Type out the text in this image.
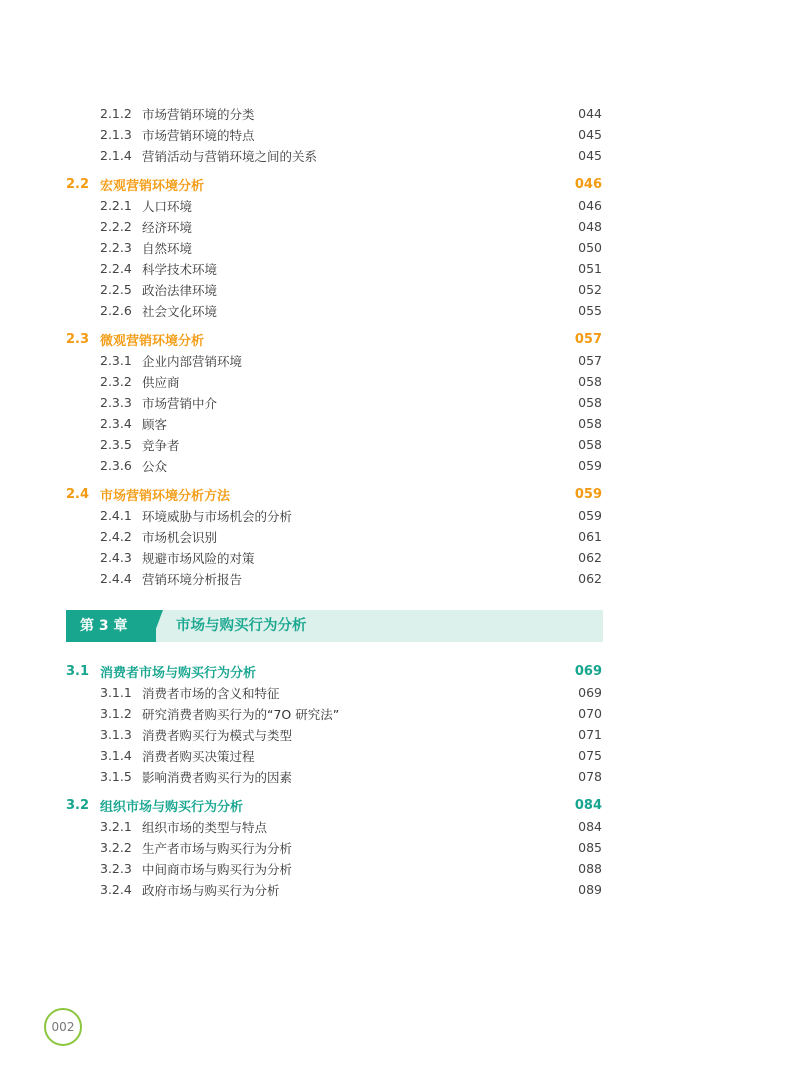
2.1.2 市场营销环境的分类	044
2.1.3 市场营销环境的特点	045
2.1.4 营销活动与营销环境之间的关系	045
2.2 宏观营销环境分析	046
2.2.1 人口环境	046
2.2.2 经济环境	048
2.2.3 自然环境	050
2.2.4 科学技术环境	051
2.2.5 政治法律环境	052
2.2.6 社会文化环境	055
2.3 微观营销环境分析	057
2.3.1 企业内部营销环境	057
2.3.2 供应商	058
2.3.3 市场营销中介	058
2.3.4 顾客	058
2.3.5 竞争者	058
2.3.6 公众	059
2.4 市场营销环境分析方法	059
2.4.1 环境威胁与市场机会的分析	059
2.4.2 市场机会识别	061
2.4.3 规避市场风险的对策	062
2.4.4 营销环境分析报告	062
第 3 章	市场与购买行为分析
3.1 消费者市场与购买行为分析	069
3.1.1 消费者市场的含义和特征	069
3.1.2 研究消费者购买行为的“7O 研究法”	070
3.1.3 消费者购买行为模式与类型	071
3.1.4 消费者购买决策过程	075
3.1.5 影响消费者购买行为的因素	078
3.2 组织市场与购买行为分析	084
3.2.1 组织市场的类型与特点	084
3.2.2 生产者市场与购买行为分析	085
3.2.3 中间商市场与购买行为分析	088
3.2.4 政府市场与购买行为分析	089
002
